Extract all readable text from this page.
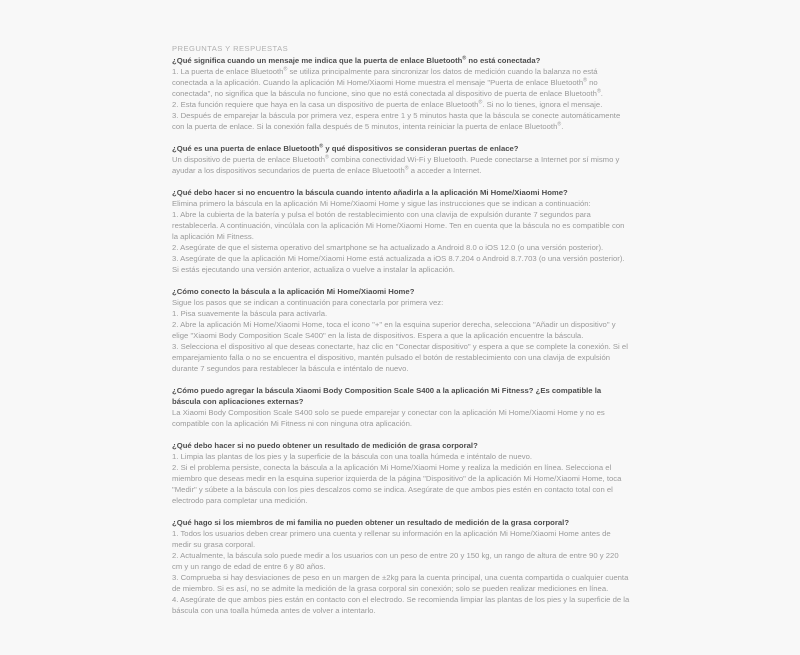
PREGUNTAS Y RESPUESTAS

¿Qué significa cuando un mensaje me indica que la puerta de enlace Bluetooth® no está conectada?

1. La puerta de enlace Bluetooth® se utiliza principalmente para sincronizar los datos de medición cuando la balanza no está conectada a la aplicación. Cuando la aplicación Mi Home/Xiaomi Home muestra el mensaje "Puerta de enlace Bluetooth® no conectada", no significa que la báscula no funcione, sino que no está conectada al dispositivo de puerta de enlace Bluetooth®.

2. Esta función requiere que haya en la casa un dispositivo de puerta de enlace Bluetooth®. Si no lo tienes, ignora el mensaje.

3. Después de emparejar la báscula por primera vez, espera entre 1 y 5 minutos hasta que la báscula se conecte automáticamente con la puerta de enlace. Si la conexión falla después de 5 minutos, intenta reiniciar la puerta de enlace Bluetooth®.

¿Qué es una puerta de enlace Bluetooth® y qué dispositivos se consideran puertas de enlace?

Un dispositivo de puerta de enlace Bluetooth® combina conectividad Wi-Fi y Bluetooth. Puede conectarse a Internet por sí mismo y ayudar a los dispositivos secundarios de puerta de enlace Bluetooth® a acceder a Internet.

¿Qué debo hacer si no encuentro la báscula cuando intento añadirla a la aplicación Mi Home/Xiaomi Home?

Elimina primero la báscula en la aplicación Mi Home/Xiaomi Home y sigue las instrucciones que se indican a continuación:

1. Abre la cubierta de la batería y pulsa el botón de restablecimiento con una clavija de expulsión durante 7 segundos para restablecerla. A continuación, vincúlala con la aplicación Mi Home/Xiaomi Home. Ten en cuenta que la báscula no es compatible con la aplicación Mi Fitness.

2. Asegúrate de que el sistema operativo del smartphone se ha actualizado a Android 8.0 o iOS 12.0 (o una versión posterior).

3. Asegúrate de que la aplicación Mi Home/Xiaomi Home está actualizada a iOS 8.7.204 o Android 8.7.703 (o una versión posterior). Si estás ejecutando una versión anterior, actualiza o vuelve a instalar la aplicación.

¿Cómo conecto la báscula a la aplicación Mi Home/Xiaomi Home?

Sigue los pasos que se indican a continuación para conectarla por primera vez:

1. Pisa suavemente la báscula para activarla.

2. Abre la aplicación Mi Home/Xiaomi Home, toca el icono "+" en la esquina superior derecha, selecciona "Añadir un dispositivo" y elige "Xiaomi Body Composition Scale S400" en la lista de dispositivos. Espera a que la aplicación encuentre la báscula.

3. Selecciona el dispositivo al que deseas conectarte, haz clic en "Conectar dispositivo" y espera a que se complete la conexión. Si el emparejamiento falla o no se encuentra el dispositivo, mantén pulsado el botón de restablecimiento con una clavija de expulsión durante 7 segundos para restablecer la báscula e inténtalo de nuevo.

¿Cómo puedo agregar la báscula Xiaomi Body Composition Scale S400 a la aplicación Mi Fitness? ¿Es compatible la báscula con aplicaciones externas?

La Xiaomi Body Composition Scale S400 solo se puede emparejar y conectar con la aplicación Mi Home/Xiaomi Home y no es compatible con la aplicación Mi Fitness ni con ninguna otra aplicación.

¿Qué debo hacer si no puedo obtener un resultado de medición de grasa corporal?

1. Limpia las plantas de los pies y la superficie de la báscula con una toalla húmeda e inténtalo de nuevo.

2. Si el problema persiste, conecta la báscula a la aplicación Mi Home/Xiaomi Home y realiza la medición en línea. Selecciona el miembro que deseas medir en la esquina superior izquierda de la página "Dispositivo" de la aplicación Mi Home/Xiaomi Home, toca "Medir" y súbete a la báscula con los pies descalzos como se indica. Asegúrate de que ambos pies estén en contacto total con el electrodo para completar una medición.

¿Qué hago si los miembros de mi familia no pueden obtener un resultado de medición de la grasa corporal?

1. Todos los usuarios deben crear primero una cuenta y rellenar su información en la aplicación Mi Home/Xiaomi Home antes de medir su grasa corporal.

2. Actualmente, la báscula solo puede medir a los usuarios con un peso de entre 20 y 150 kg, un rango de altura de entre 90 y 220 cm y un rango de edad de entre 6 y 80 años.

3. Comprueba si hay desviaciones de peso en un margen de ±2kg para la cuenta principal, una cuenta compartida o cualquier cuenta de miembro. Si es así, no se admite la medición de la grasa corporal sin conexión; solo se pueden realizar mediciones en línea.

4. Asegúrate de que ambos pies están en contacto con el electrodo. Se recomienda limpiar las plantas de los pies y la superficie de la báscula con una toalla húmeda antes de volver a intentarlo.
